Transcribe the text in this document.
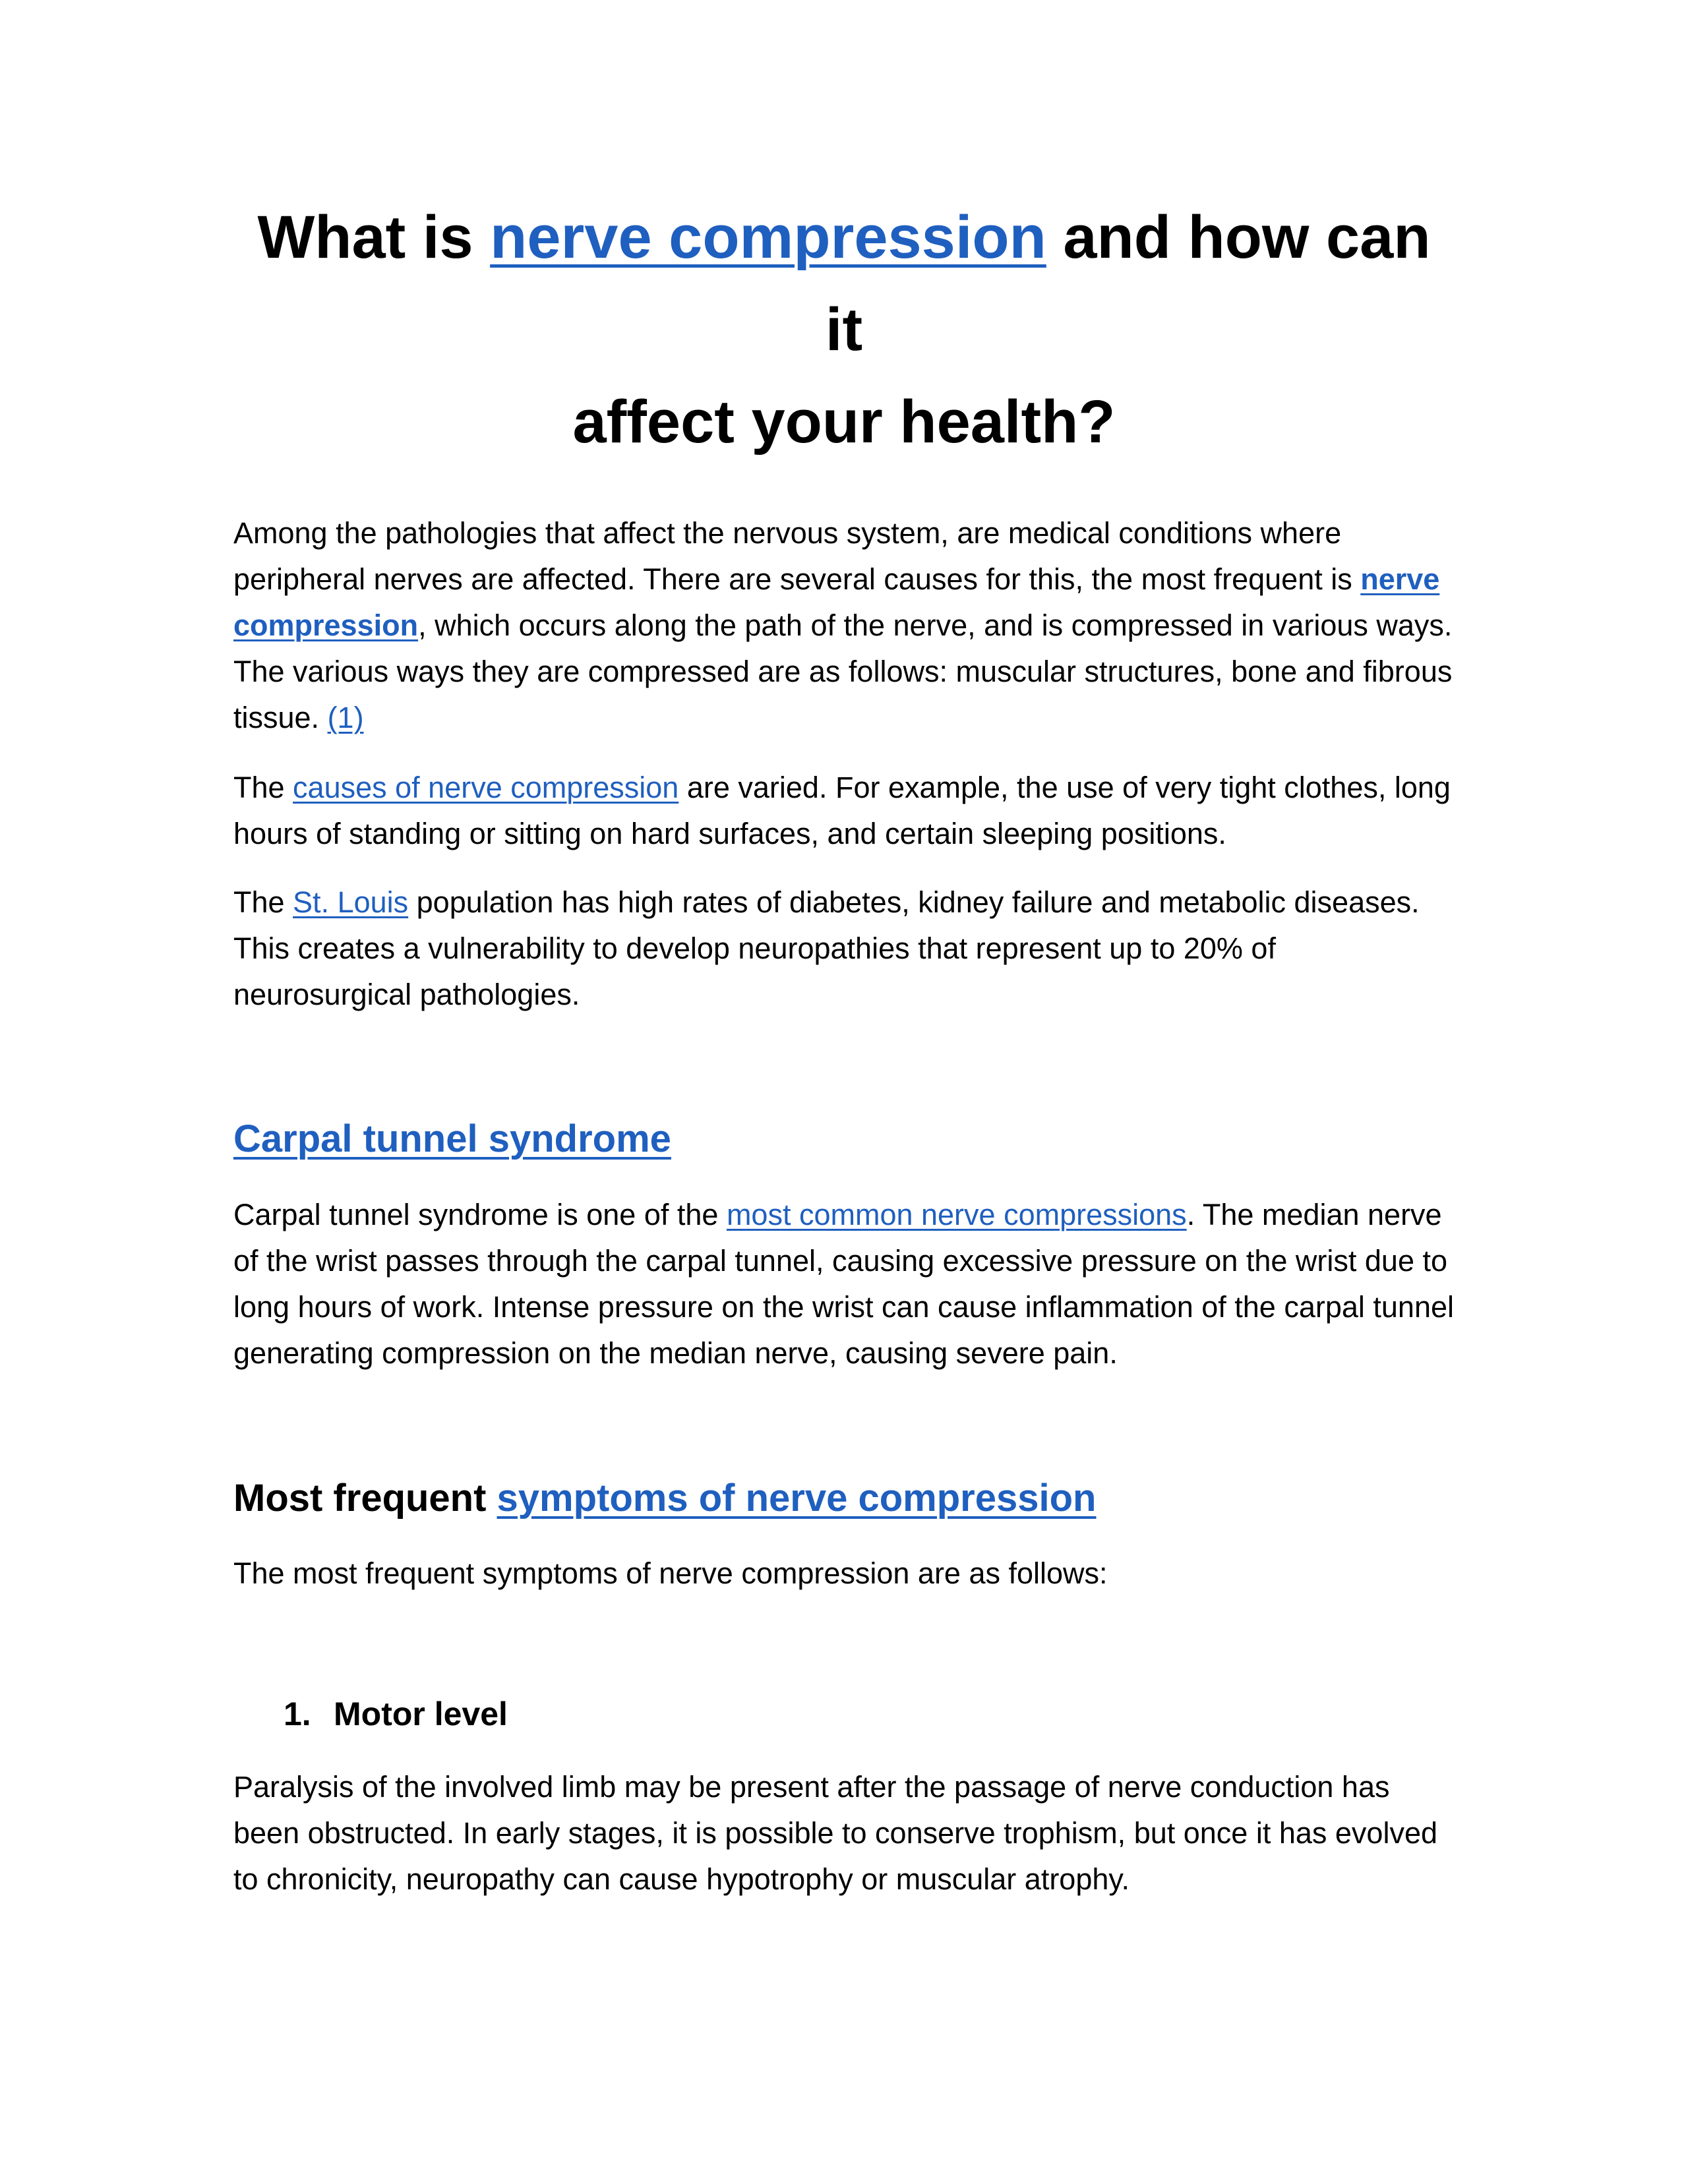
What is nerve compression and how can it
affect your health?

Among the pathologies that affect the nervous system, are medical conditions where peripheral nerves are affected. There are several causes for this, the most frequent is nerve compression, which occurs along the path of the nerve, and is compressed in various ways. The various ways they are compressed are as follows: muscular structures, bone and fibrous tissue. (1)

The causes of nerve compression are varied. For example, the use of very tight clothes, long hours of standing or sitting on hard surfaces, and certain sleeping positions.

The St. Louis population has high rates of diabetes, kidney failure and metabolic diseases. This creates a vulnerability to develop neuropathies that represent up to 20% of neurosurgical pathologies.

Carpal tunnel syndrome

Carpal tunnel syndrome is one of the most common nerve compressions. The median nerve of the wrist passes through the carpal tunnel, causing excessive pressure on the wrist due to long hours of work. Intense pressure on the wrist can cause inflammation of the carpal tunnel generating compression on the median nerve, causing severe pain.

Most frequent symptoms of nerve compression

The most frequent symptoms of nerve compression are as follows:

1. Motor level

Paralysis of the involved limb may be present after the passage of nerve conduction has been obstructed. In early stages, it is possible to conserve trophism, but once it has evolved to chronicity, neuropathy can cause hypotrophy or muscular atrophy.
